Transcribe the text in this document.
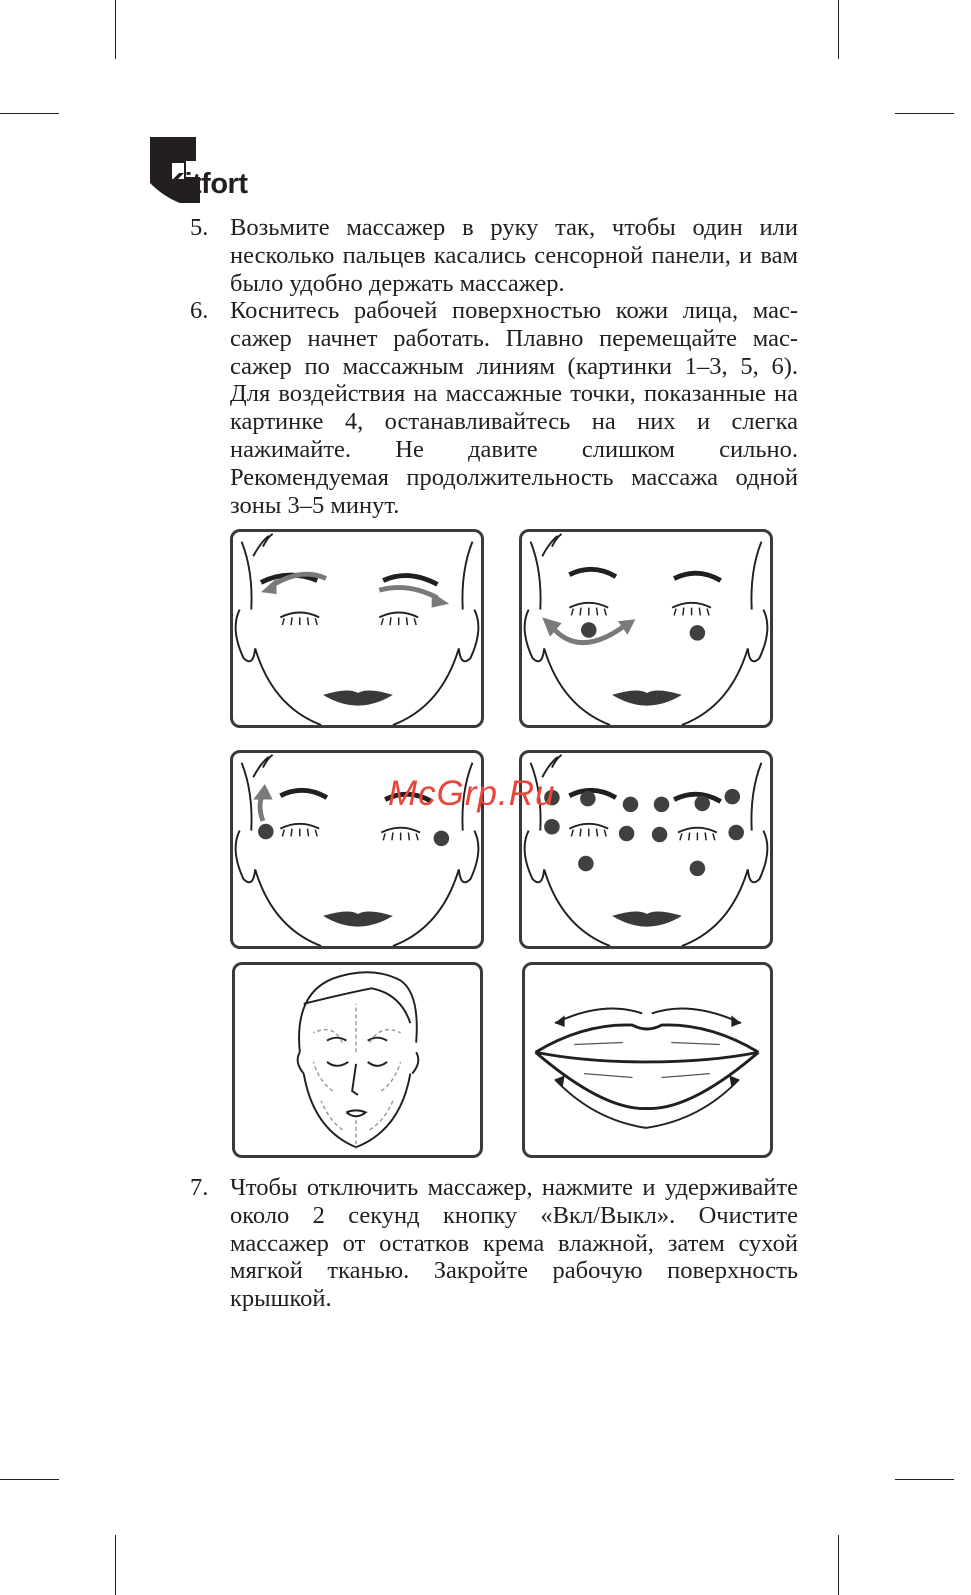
Kitfort
5. Возьмите массажер в руку так, чтобы один или несколько пальцев касались сенсорной панели, и вам было удобно держать массажер.
6. Коснитесь рабочей поверхностью кожи лица, массажер начнет работать. Плавно перемещайте массажер по массажным линиям (картинки 1–3, 5, 6). Для воздействия на массажные точки, показанные на картинке 4, останавливайтесь на них и слегка нажимайте. Не давите слишком сильно. Рекомендуемая продолжительность массажа одной зоны 3–5 минут.
McGrp.Ru
7. Чтобы отключить массажер, нажмите и удерживайте около 2 секунд кнопку «Вкл/Выкл». Очистите массажер от остатков крема влажной, затем сухой мягкой тканью. Закройте рабочую поверхность крышкой.
